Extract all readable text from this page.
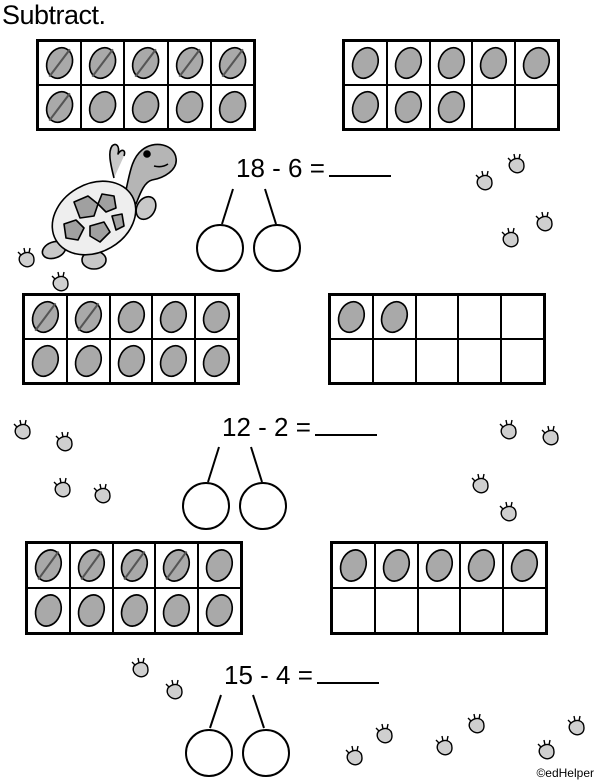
Subtract.
18 - 6 =
12 - 2 =
15 - 4 =
©edHelper
